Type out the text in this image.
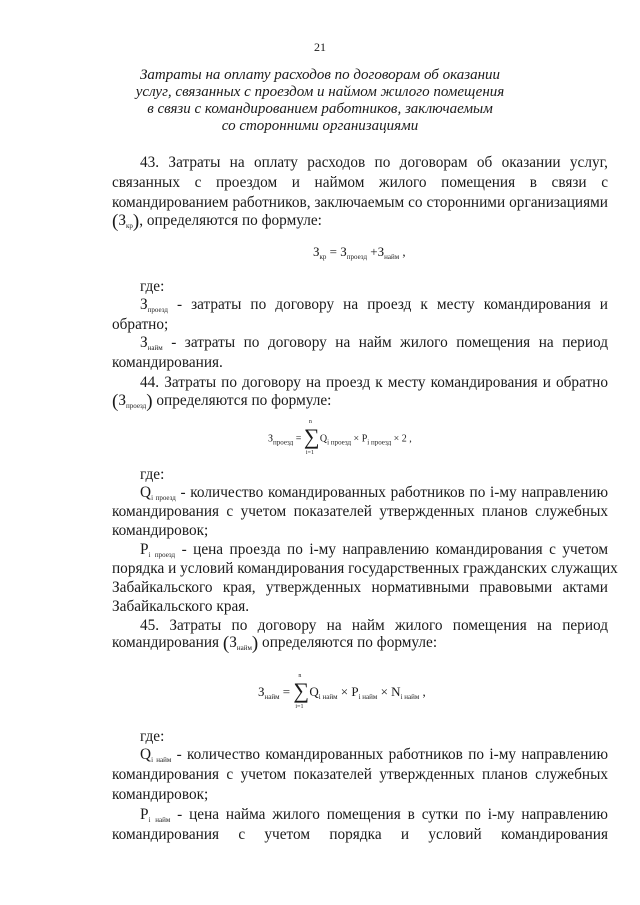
21
Затраты на оплату расходов по договорам об оказании
услуг, связанных с проездом и наймом жилого помещения
в связи с командированием работников, заключаемым
со сторонними организациями
43. Затраты на оплату расходов по договорам об оказании услуг,
связанных с проездом и наймом жилого помещения в связи с
командированием работников, заключаемым со сторонними организациями
$(З_{кр})$, определяются по формуле:
$З_{кр} = З_{проезд} +З_{найм}$ ,
где:
$З_{проезд}$ - затраты по договору на проезд к месту командирования и
обратно;
$З_{найм}$ - затраты по договору на найм жилого помещения на период
командирования.
44. Затраты по договору на проезд к месту командирования и обратно
$(З_{проезд})$ определяются по формуле:
$З_{проезд}$ =
n
∑
i=1
$Q_{i проезд} \times P_{i проезд} \times 2$ ,
где:
$Q_{i проезд}$ - количество командированных работников по i-му направлению
командирования с учетом показателей утвержденных планов служебных
командировок;
$P_{i проезд}$ - цена проезда по i-му направлению командирования с учетом
порядка и условий командирования государственных гражданских служащих
Забайкальского края, утвержденных нормативными правовыми актами
Забайкальского края.
45. Затраты по договору на найм жилого помещения на период
командирования $(З_{найм})$ определяются по формуле:
$З_{найм}$ =
n
∑
i=1
$Q_{i найм} \times P_{i найм} \times N_{i найм}$ ,
где:
$Q_{i найм}$ - количество командированных работников по i-му направлению
командирования с учетом показателей утвержденных планов служебных
командировок;
$P_{i найм}$ - цена найма жилого помещения в сутки по i-му направлению
командирования с учетом порядка и условий командирования
